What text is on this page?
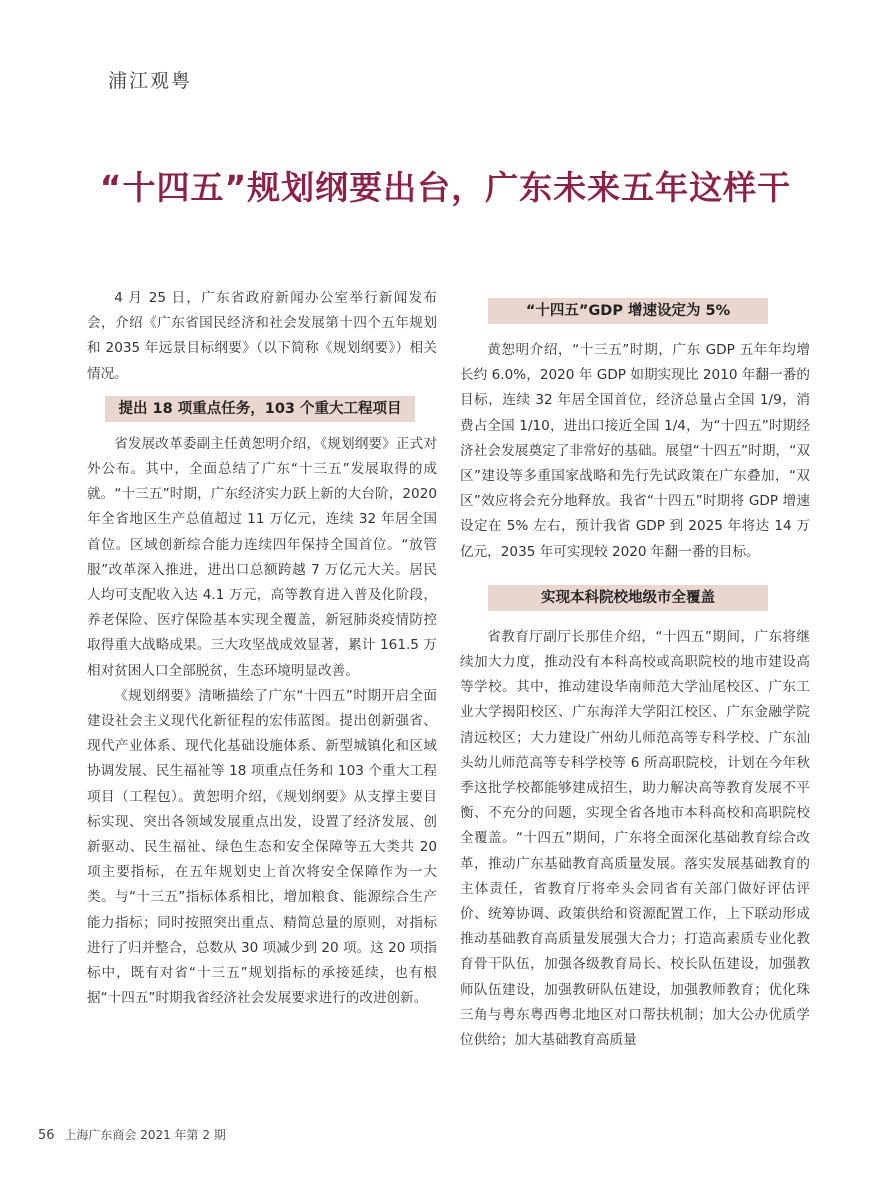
浦江观粤
“十四五”规划纲要出台，广东未来五年这样干

4 月 25 日，广东省政府新闻办公室举行新闻发布会，介绍《广东省国民经济和社会发展第十四个五年规划和 2035 年远景目标纲要》（以下简称《规划纲要》）相关情况。

提出 18 项重点任务，103 个重大工程项目

省发展改革委副主任黄恕明介绍，《规划纲要》正式对外公布。其中，全面总结了广东“十三五”发展取得的成就。“十三五”时期，广东经济实力跃上新的大台阶，2020 年全省地区生产总值超过 11 万亿元，连续 32 年居全国首位。区域创新综合能力连续四年保持全国首位。“放管服”改革深入推进，进出口总额跨越 7 万亿元大关。居民人均可支配收入达 4.1 万元，高等教育进入普及化阶段，养老保险、医疗保险基本实现全覆盖，新冠肺炎疫情防控取得重大战略成果。三大攻坚战成效显著，累计 161.5 万相对贫困人口全部脱贫，生态环境明显改善。

《规划纲要》清晰描绘了广东“十四五”时期开启全面建设社会主义现代化新征程的宏伟蓝图。提出创新强省、现代产业体系、现代化基础设施体系、新型城镇化和区域协调发展、民生福祉等 18 项重点任务和 103 个重大工程项目（工程包）。黄恕明介绍，《规划纲要》从支撑主要目标实现、突出各领域发展重点出发，设置了经济发展、创新驱动、民生福祉、绿色生态和安全保障等五大类共 20 项主要指标，在五年规划史上首次将安全保障作为一大类。与“十三五”指标体系相比，增加粮食、能源综合生产能力指标；同时按照突出重点、精简总量的原则，对指标进行了归并整合，总数从 30 项减少到 20 项。这 20 项指标中，既有对省“十三五”规划指标的承接延续，也有根据“十四五”时期我省经济社会发展要求进行的改进创新。

“十四五”GDP 增速设定为 5%

黄恕明介绍，“十三五”时期，广东 GDP 五年年均增长约 6.0%，2020 年 GDP 如期实现比 2010 年翻一番的目标，连续 32 年居全国首位，经济总量占全国 1/9，消费占全国 1/10，进出口接近全国 1/4，为“十四五”时期经济社会发展奠定了非常好的基础。展望“十四五”时期，“双区”建设等多重国家战略和先行先试政策在广东叠加，“双区”效应将会充分地释放。我省“十四五”时期将 GDP 增速设定在 5% 左右，预计我省 GDP 到 2025 年将达 14 万亿元，2035 年可实现较 2020 年翻一番的目标。

实现本科院校地级市全覆盖

省教育厅副厅长那佳介绍，“十四五”期间，广东将继续加大力度，推动没有本科高校或高职院校的地市建设高等学校。其中，推动建设华南师范大学汕尾校区、广东工业大学揭阳校区、广东海洋大学阳江校区、广东金融学院清远校区；大力建设广州幼儿师范高等专科学校、广东汕头幼儿师范高等专科学校等 6 所高职院校，计划在今年秋季这批学校都能够建成招生，助力解决高等教育发展不平衡、不充分的问题，实现全省各地市本科高校和高职院校全覆盖。“十四五”期间，广东将全面深化基础教育综合改革，推动广东基础教育高质量发展。落实发展基础教育的主体责任，省教育厅将牵头会同省有关部门做好评估评价、统筹协调、政策供给和资源配置工作，上下联动形成推动基础教育高质量发展强大合力；打造高素质专业化教育骨干队伍，加强各级教育局长、校长队伍建设，加强教师队伍建设，加强教研队伍建设，加强教师教育；优化珠三角与粤东粤西粤北地区对口帮扶机制；加大公办优质学位供给；加大基础教育高质量

56 上海广东商会 2021 年第 2 期
